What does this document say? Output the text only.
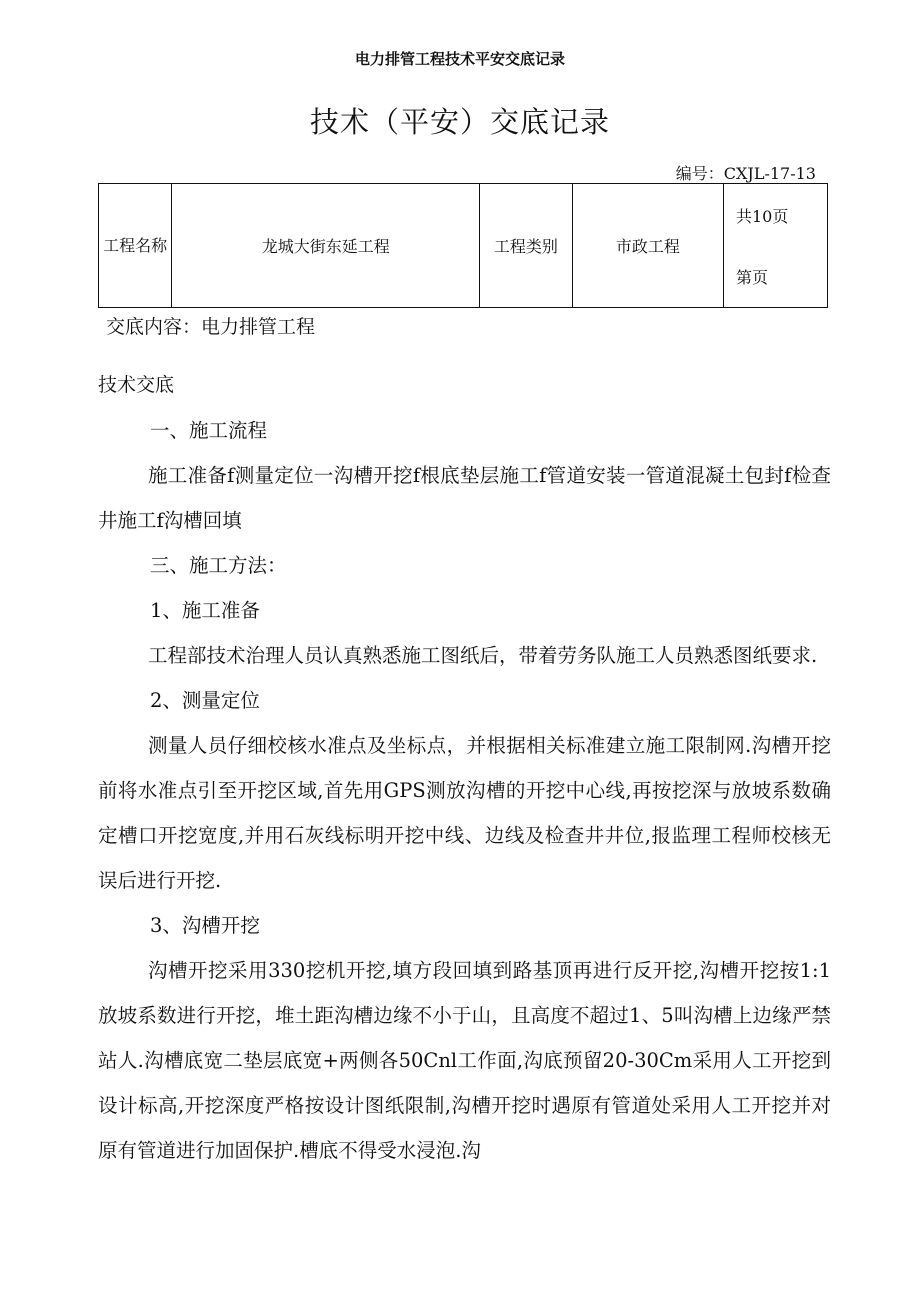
电力排管工程技术平安交底记录
技术（平安）交底记录
编号：CXJL-17-13
工程名称	龙城大街东延工程	工程类别	市政工程	
共10页
第页
交底内容：电力排管工程
技术交底

一、施工流程

施工准备f测量定位一沟槽开挖f根底垫层施工f管道安装一管道混凝土包封f检查井施工f沟槽回填

三、施工方法：

1、施工准备

工程部技术治理人员认真熟悉施工图纸后，带着劳务队施工人员熟悉图纸要求.

2、测量定位

测量人员仔细校核水准点及坐标点，并根据相关标准建立施工限制网.沟槽开挖前将水准点引至开挖区域,首先用GPS测放沟槽的开挖中心线,再按挖深与放坡系数确定槽口开挖宽度,并用石灰线标明开挖中线、边线及检查井井位,报监理工程师校核无误后进行开挖.

3、沟槽开挖

沟槽开挖采用330挖机开挖,填方段回填到路基顶再进行反开挖,沟槽开挖按1:1放坡系数进行开挖，堆土距沟槽边缘不小于山，且高度不超过1、5叫沟槽上边缘严禁站人.沟槽底宽二垫层底宽+两侧各50Cnl工作面,沟底预留20-30Cm采用人工开挖到设计标高,开挖深度严格按设计图纸限制,沟槽开挖时遇原有管道处采用人工开挖并对原有管道进行加固保护.槽底不得受水浸泡.沟
